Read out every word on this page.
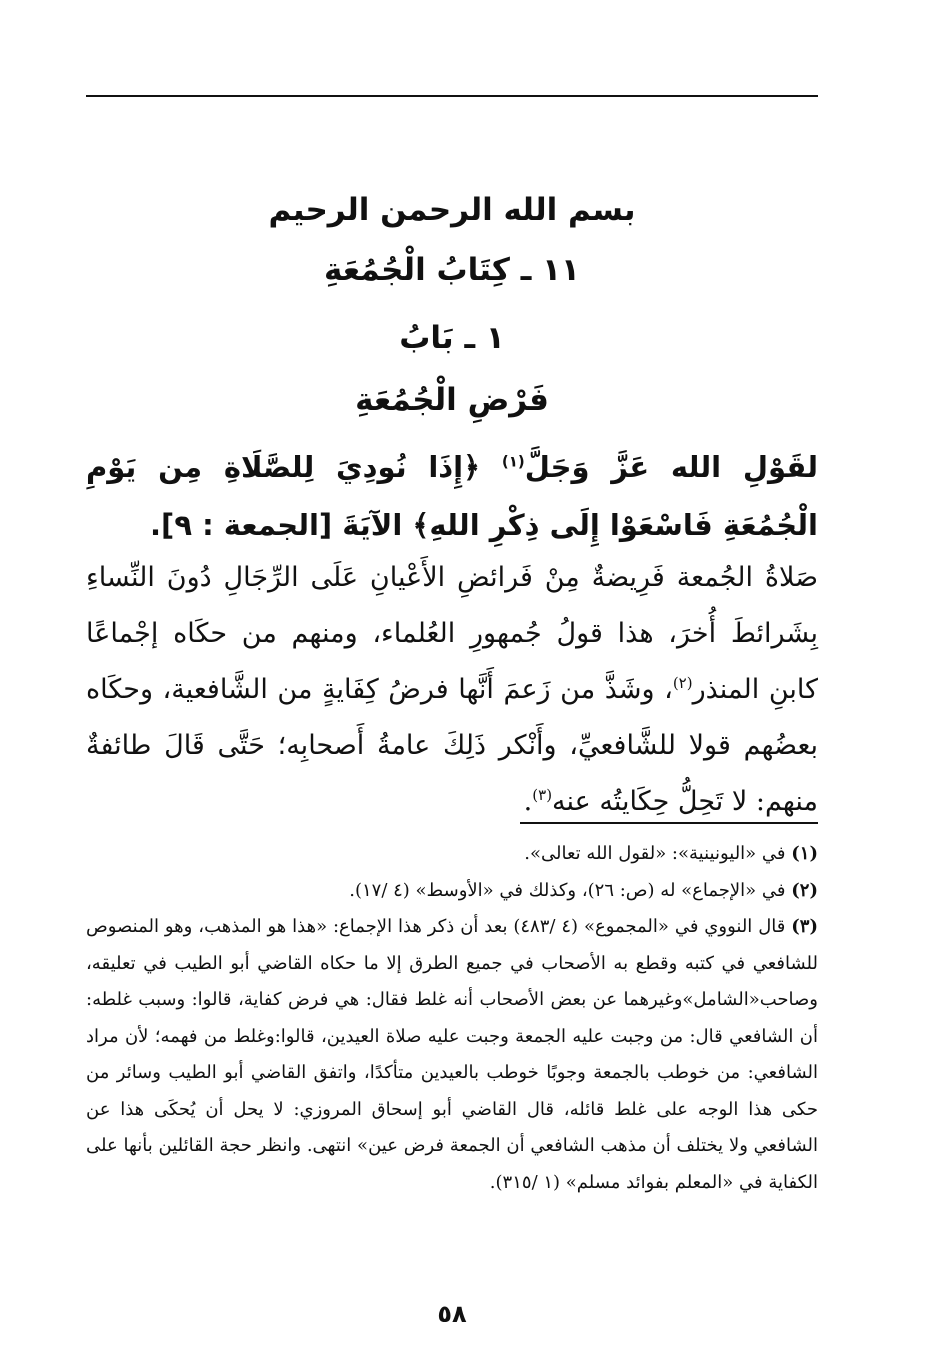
بسم الله الرحمن الرحيم
١١ ـ كِتَابُ الْجُمُعَةِ
١ ـ بَابُ
فَرْضِ الْجُمُعَةِ
لقَوْلِ الله عَزَّ وَجَلَّ$^{(١)}$ ﴿إِذَا نُودِيَ لِلصَّلَاةِ مِن يَوْمِ الْجُمُعَةِ فَاسْعَوْا إِلَى ذِكْرِ اللهِ﴾ الآيَةَ [الجمعة : ٩].
صَلاةُ الجُمعة فَرِيضةٌ مِنْ فَرائضِ الأَعْيانِ عَلَى الرِّجَالِ دُونَ النِّساءِ بِشَرائطَ أُخرَ، هذا قولُ جُمهورِ العُلماء، ومنهم من حكَاه إجْماعًا كابنِ المنذر$^{(٢)}$، وشَذَّ من زَعمَ أَنَّها فرضُ كِفَايةٍ من الشَّافعية، وحكَاه بعضُهم قولا للشَّافعيِّ، وأَنْكر ذَلِكَ عامةُ أَصحابِه؛ حَتَّى قَالَ طائفةٌ منهم: لا تَحِلُّ حِكَايتُه عنه$^{(٣)}$.

(١) في «اليونينية»: «لقول الله تعالى».

(٢) في «الإجماع» له (ص: ٢٦)، وكذلك في «الأوسط» (٤ /١٧).

(٣) قال النووي في «المجموع» (٤ /٤٨٣) بعد أن ذكر هذا الإجماع: «هذا هو المذهب، وهو المنصوص للشافعي في كتبه وقطع به الأصحاب في جميع الطرق إلا ما حكاه القاضي أبو الطيب في تعليقه، وصاحب«الشامل»وغيرهما عن بعض الأصحاب أنه غلط فقال: هي فرض كفاية، قالوا: وسبب غلطه: أن الشافعي قال: من وجبت عليه الجمعة وجبت عليه صلاة العيدين، قالوا:وغلط من فهمه؛ لأن مراد الشافعي: من خوطب بالجمعة وجوبًا خوطب بالعيدين متأكدًا، واتفق القاضي أبو الطيب وسائر من حكى هذا الوجه على غلط قائله، قال القاضي أبو إسحاق المروزي: لا يحل أن يُحكَى هذا عن الشافعي ولا يختلف أن مذهب الشافعي أن الجمعة فرض عين» انتهى. وانظر حجة القائلين بأنها على الكفاية في «المعلم بفوائد مسلم» (١ /٣١٥).

٥٨
